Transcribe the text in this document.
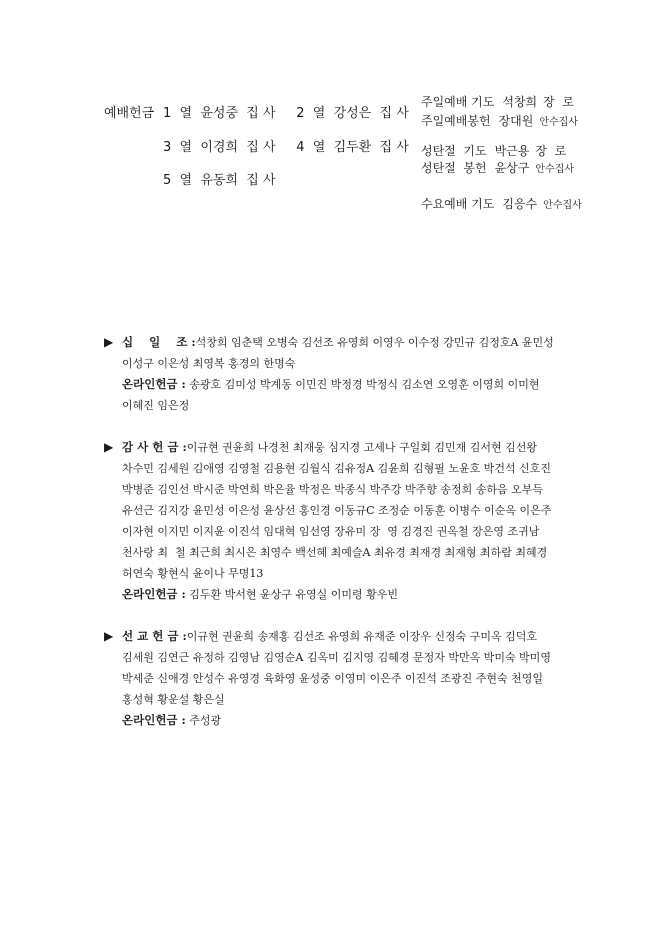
예배헌금 1  열  윤성중  집 사     2  열  강성은  집 사
3  열  이경희  집 사     4  열  김두환  집 사
5  열  유동희  집 사
주일예배 기도 석창희 장  로
주일예배봉헌 장대원 안수집사
성탄절  기도 박근용 장  로
성탄절  봉헌 윤상구 안수집사
수요예배 기도 김응수 안수집사
▶ 십    일    조 : 석창희 임춘택 오병숙 김선조 유영희 이영우 이수정 강민규 김정호A 윤민성
이성구 이은성 최영복 홍경의 한명숙
온라인헌금 : 송광호 김미성 박계동 이민진 박정경 박정식 김소연 오영훈 이영희 이미현
이혜진 임은정
▶ 감 사 헌 금 : 이규현 권윤희 나경천 최재웅 심지경 고세나 구일회 김민재 김서현 김선왕
차수민 김세원 김애영 김영철 김용현 김월식 김유정A 김윤희 김형필 노윤호 박건석 신호진
박병준 김인선 박시준 박연희 박은율 박정은 박종식 박주강 박주향 송정희 송하음 오부득
유선근 김지강 윤민성 이은성 윤상선 홍인경 이동규C 조정순 이동훈 이병수 이순옥 이은주
이자현 이지민 이지윤 이진석 임대혁 임선영 장유미 장  영 김경진 권옥철 장은영 조귀남
천사랑 최  철 최근희 최시은 최영수 백선혜 최예슬A 최유경 최재경 최재형 최하람 최혜경
허연숙 황현식 윤이나 무명13
온라인헌금 : 김두환 박서현 윤상구 유영실 이미령 황우빈
▶ 선 교 헌 금 : 이규현 권윤희 송재홍 김선조 유영희 유재준 이장우 신정숙 구미옥 김덕호
김세원 김연근 유정하 김영남 김영순A 김옥미 김지영 김혜경 문정자 박만옥 박미숙 박미영
박세준 신애경 안성수 유영경 육화영 윤성중 이영미 이은주 이진석 조광진 주현숙 천영일
홍성혁 황운설 황은실
온라인헌금 : 주성광
